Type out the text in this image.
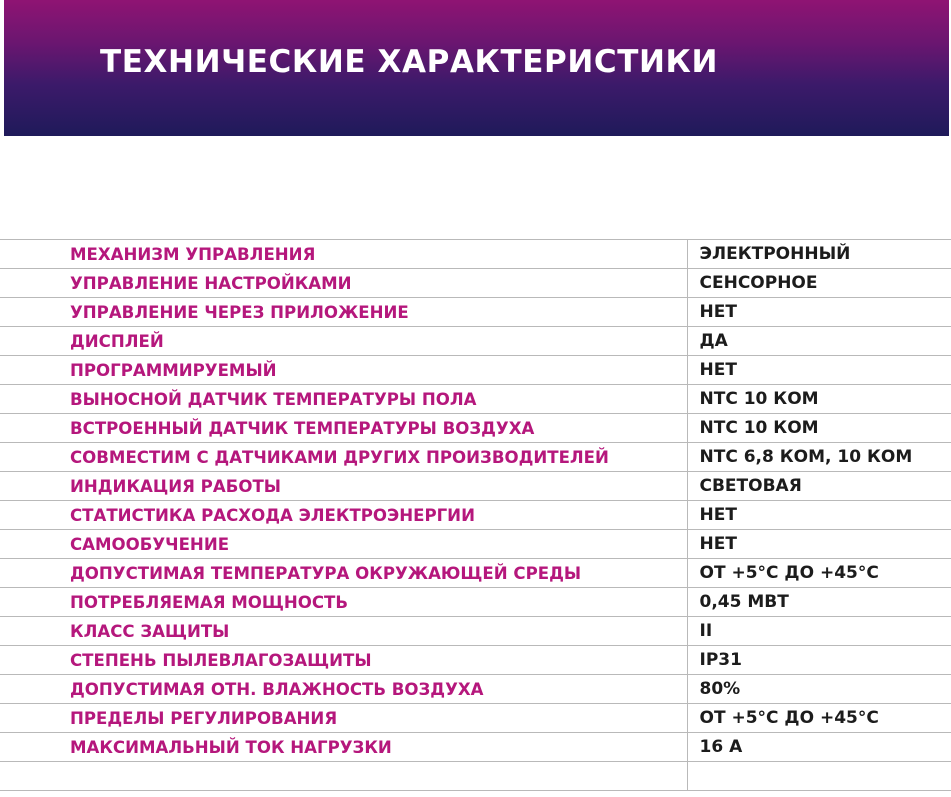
ТЕХНИЧЕСКИЕ ХАРАКТЕРИСТИКИ
МЕХАНИЗМ УПРАВЛЕНИЯ	ЭЛЕКТРОННЫЙ
УПРАВЛЕНИЕ НАСТРОЙКАМИ	СЕНСОРНОЕ
УПРАВЛЕНИЕ ЧЕРЕЗ ПРИЛОЖЕНИЕ	НЕТ
ДИСПЛЕЙ	ДА
ПРОГРАММИРУЕМЫЙ	НЕТ
ВЫНОСНОЙ ДАТЧИК ТЕМПЕРАТУРЫ ПОЛА	NTC 10 КОМ
ВСТРОЕННЫЙ ДАТЧИК ТЕМПЕРАТУРЫ ВОЗДУХА	NTC 10 КОМ
СОВМЕСТИМ С ДАТЧИКАМИ ДРУГИХ ПРОИЗВОДИТЕЛЕЙ	NTC 6,8 КОМ, 10 КОМ
ИНДИКАЦИЯ РАБОТЫ	СВЕТОВАЯ
СТАТИСТИКА РАСХОДА ЭЛЕКТРОЭНЕРГИИ	НЕТ
САМООБУЧЕНИЕ	НЕТ
ДОПУСТИМАЯ ТЕМПЕРАТУРА ОКРУЖАЮЩЕЙ СРЕДЫ	ОТ +5°С ДО +45°С
ПОТРЕБЛЯЕМАЯ МОЩНОСТЬ	0,45 МВТ
КЛАСС ЗАЩИТЫ	II
СТЕПЕНЬ ПЫЛЕВЛАГОЗАЩИТЫ	IP31
ДОПУСТИМАЯ ОТН. ВЛАЖНОСТЬ ВОЗДУХА	80%
ПРЕДЕЛЫ РЕГУЛИРОВАНИЯ	ОТ +5°С ДО +45°С
МАКСИМАЛЬНЫЙ ТОК НАГРУЗКИ	16 А
